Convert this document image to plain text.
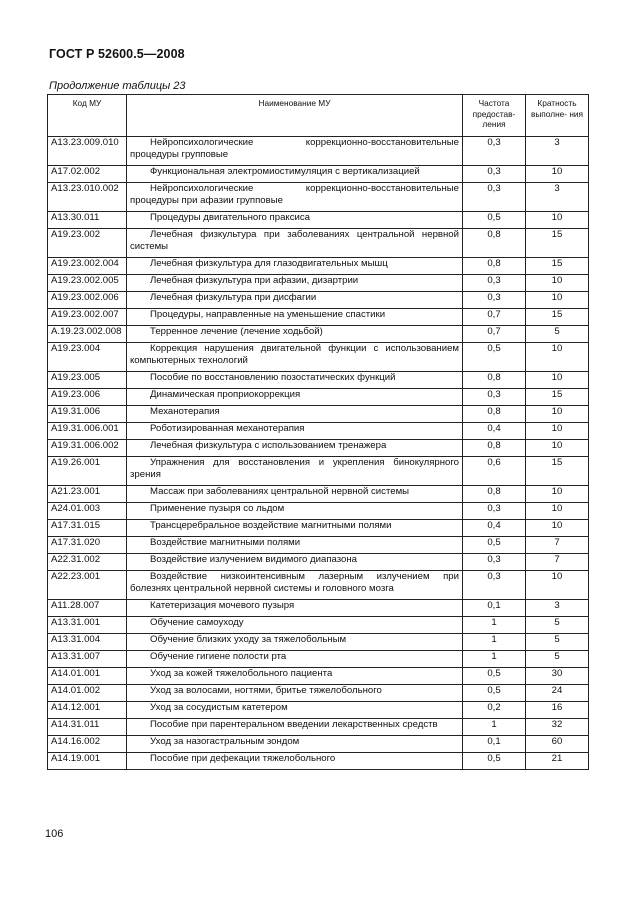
ГОСТ Р 52600.5—2008
Продолжение таблицы 23
Код МУ	Наименование МУ	Частота предостав- ления	Кратность выполне- ния
A13.23.009.010	Нейропсихологические коррекционно-восстановительные процедуры групповые	0,3	3
A17.02.002	Функциональная электромиостимуляция с вертикализацией	0,3	10
A13.23.010.002	Нейропсихологические коррекционно-восстановительные процедуры при афазии групповые	0,3	3
A13.30.011	Процедуры двигательного праксиса	0,5	10
A19.23.002	Лечебная физкультура при заболеваниях центральной нервной системы	0,8	15
A19.23.002.004	Лечебная физкультура для глазодвигательных мышц	0,8	15
A19.23.002.005	Лечебная физкультура при афазии, дизартрии	0,3	10
A19.23.002.006	Лечебная физкультура при дисфагии	0,3	10
A19.23.002.007	Процедуры, направленные на уменьшение спастики	0,7	15
A.19.23.002.008	Терренное лечение (лечение ходьбой)	0,7	5
A19.23.004	Коррекция нарушения двигательной функции с использованием компьютерных технологий	0,5	10
A19.23.005	Пособие по восстановлению позостатических функций	0,8	10
A19.23.006	Динамическая проприокоррекция	0,3	15
A19.31.006	Механотерапия	0,8	10
A19.31.006.001	Роботизированная механотерапия	0,4	10
A19.31.006.002	Лечебная физкультура с использованием тренажера	0,8	10
A19.26.001	Упражнения для восстановления и укрепления бинокулярного зрения	0,6	15
A21.23.001	Массаж при заболеваниях центральной нервной системы	0,8	10
A24.01.003	Применение пузыря со льдом	0,3	10
A17.31.015	Трансцеребральное воздействие магнитными полями	0,4	10
A17.31.020	Воздействие магнитными полями	0,5	7
A22.31.002	Воздействие излучением видимого диапазона	0,3	7
A22.23.001	Воздействие низкоинтенсивным лазерным излучением при болезнях центральной нервной системы и головного мозга	0,3	10
A11.28.007	Катетеризация мочевого пузыря	0,1	3
A13.31.001	Обучение самоуходу	1	5
A13.31.004	Обучение близких уходу за тяжелобольным	1	5
A13.31.007	Обучение гигиене полости рта	1	5
A14.01.001	Уход за кожей тяжелобольного пациента	0,5	30
A14.01.002	Уход за волосами, ногтями, бритье тяжелобольного	0,5	24
A14.12.001	Уход за сосудистым катетером	0,2	16
A14.31.011	Пособие при парентеральном введении лекарственных средств	1	32
A14.16.002	Уход за назогастральным зондом	0,1	60
A14.19.001	Пособие при дефекации тяжелобольного	0,5	21
106
